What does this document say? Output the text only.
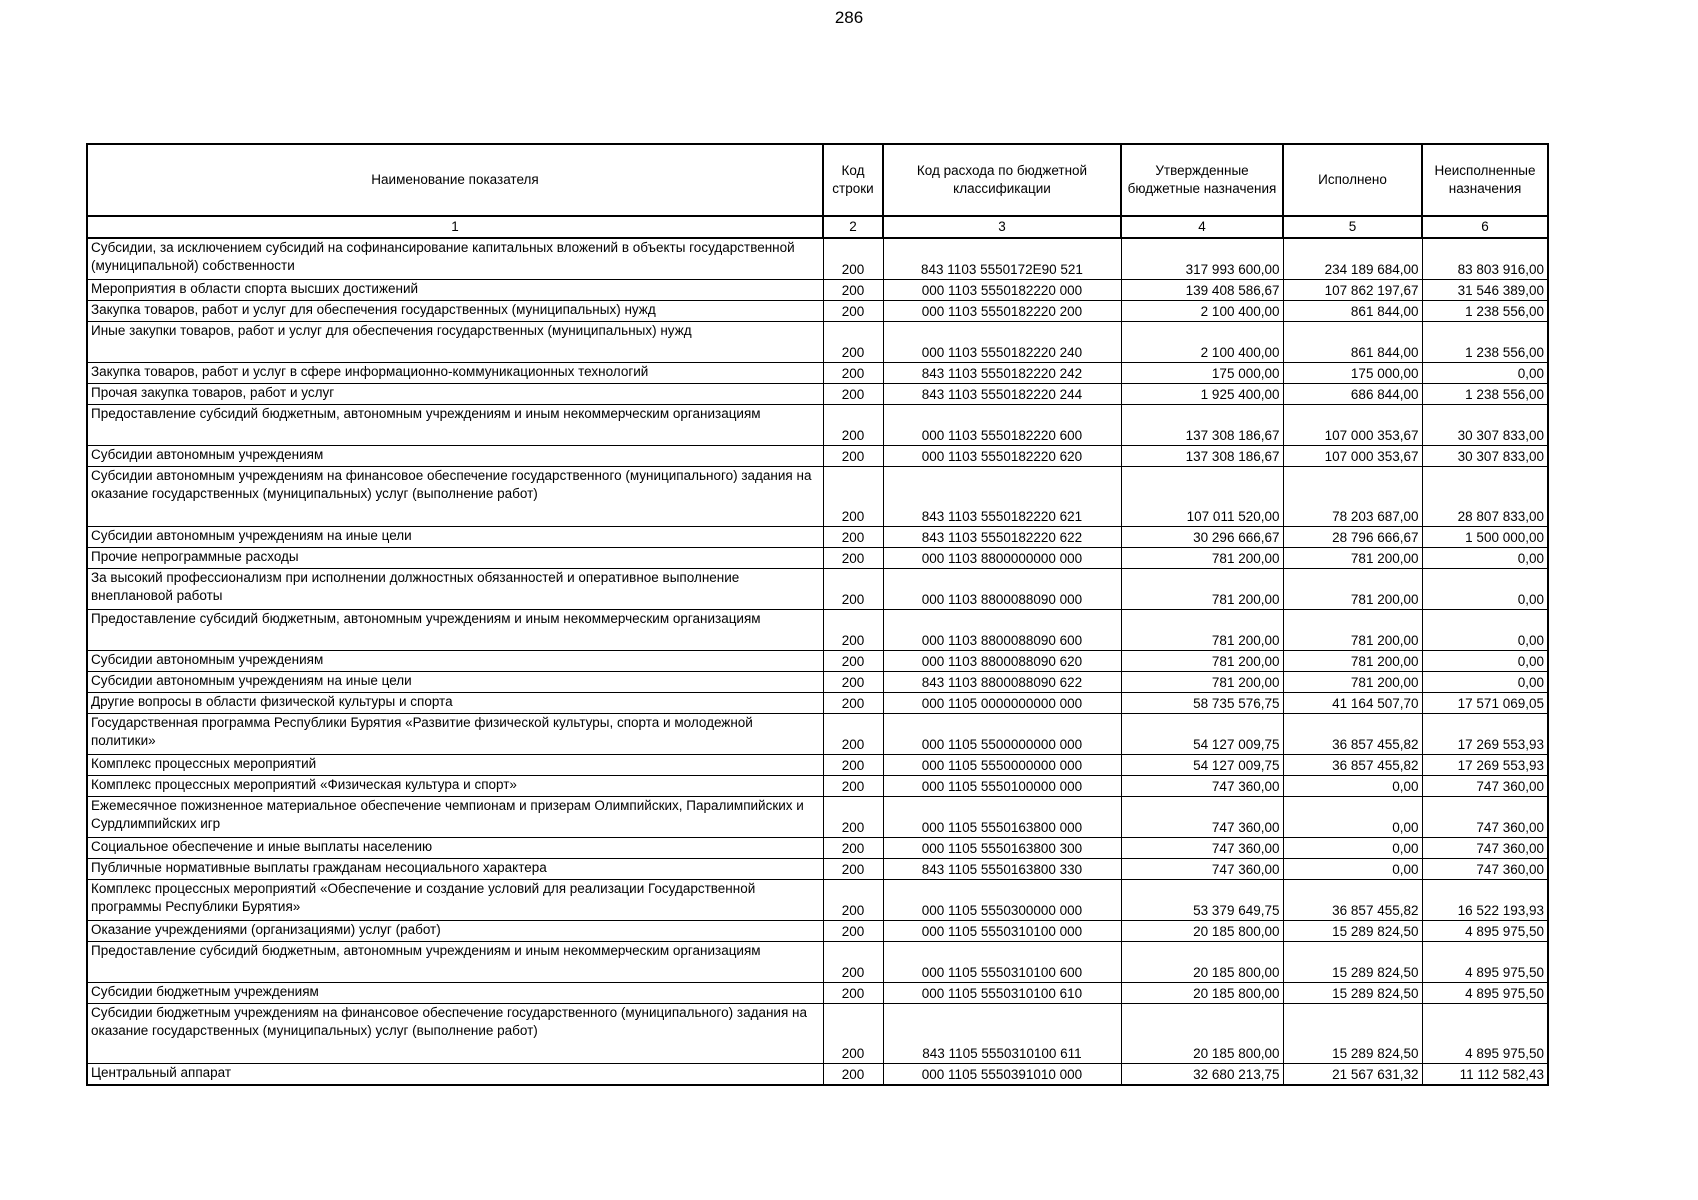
286
Наименование показателя	Код строки	Код расхода по бюджетной классификации	Утвержденные бюджетные назначения	Исполнено	Неисполненные назначения
1	2	3	4	5	6
Субсидии, за исключением субсидий на софинансирование капитальных вложений в объекты государственной (муниципальной) собственности	200	843 1103 5550172E90 521	317 993 600,00	234 189 684,00	83 803 916,00
Мероприятия в области спорта высших достижений	200	000 1103 5550182220 000	139 408 586,67	107 862 197,67	31 546 389,00
Закупка товаров, работ и услуг для обеспечения государственных (муниципальных) нужд	200	000 1103 5550182220 200	2 100 400,00	861 844,00	1 238 556,00
Иные закупки товаров, работ и услуг для обеспечения государственных (муниципальных) нужд	200	000 1103 5550182220 240	2 100 400,00	861 844,00	1 238 556,00
Закупка товаров, работ и услуг в сфере информационно-коммуникационных технологий	200	843 1103 5550182220 242	175 000,00	175 000,00	0,00
Прочая закупка товаров, работ и услуг	200	843 1103 5550182220 244	1 925 400,00	686 844,00	1 238 556,00
Предоставление субсидий бюджетным, автономным учреждениям и иным некоммерческим организациям	200	000 1103 5550182220 600	137 308 186,67	107 000 353,67	30 307 833,00
Субсидии автономным учреждениям	200	000 1103 5550182220 620	137 308 186,67	107 000 353,67	30 307 833,00
Субсидии автономным учреждениям на финансовое обеспечение государственного (муниципального) задания на оказание государственных (муниципальных) услуг (выполнение работ)	200	843 1103 5550182220 621	107 011 520,00	78 203 687,00	28 807 833,00
Субсидии автономным учреждениям на иные цели	200	843 1103 5550182220 622	30 296 666,67	28 796 666,67	1 500 000,00
Прочие непрограммные расходы	200	000 1103 8800000000 000	781 200,00	781 200,00	0,00
За высокий профессионализм при исполнении должностных обязанностей и оперативное выполнение внеплановой работы	200	000 1103 8800088090 000	781 200,00	781 200,00	0,00
Предоставление субсидий бюджетным, автономным учреждениям и иным некоммерческим организациям	200	000 1103 8800088090 600	781 200,00	781 200,00	0,00
Субсидии автономным учреждениям	200	000 1103 8800088090 620	781 200,00	781 200,00	0,00
Субсидии автономным учреждениям на иные цели	200	843 1103 8800088090 622	781 200,00	781 200,00	0,00
Другие вопросы в области физической культуры и спорта	200	000 1105 0000000000 000	58 735 576,75	41 164 507,70	17 571 069,05
Государственная программа Республики Бурятия «Развитие физической культуры, спорта и молодежной политики»	200	000 1105 5500000000 000	54 127 009,75	36 857 455,82	17 269 553,93
Комплекс процессных мероприятий	200	000 1105 5550000000 000	54 127 009,75	36 857 455,82	17 269 553,93
Комплекс процессных мероприятий «Физическая культура и спорт»	200	000 1105 5550100000 000	747 360,00	0,00	747 360,00
Ежемесячное пожизненное материальное обеспечение чемпионам и призерам Олимпийских, Паралимпийских и Сурдлимпийских игр	200	000 1105 5550163800 000	747 360,00	0,00	747 360,00
Социальное обеспечение и иные выплаты населению	200	000 1105 5550163800 300	747 360,00	0,00	747 360,00
Публичные нормативные выплаты гражданам несоциального характера	200	843 1105 5550163800 330	747 360,00	0,00	747 360,00
Комплекс процессных мероприятий «Обеспечение и создание условий для реализации Государственной программы Республики Бурятия»	200	000 1105 5550300000 000	53 379 649,75	36 857 455,82	16 522 193,93
Оказание учреждениями (организациями) услуг (работ)	200	000 1105 5550310100 000	20 185 800,00	15 289 824,50	4 895 975,50
Предоставление субсидий бюджетным, автономным учреждениям и иным некоммерческим организациям	200	000 1105 5550310100 600	20 185 800,00	15 289 824,50	4 895 975,50
Субсидии бюджетным учреждениям	200	000 1105 5550310100 610	20 185 800,00	15 289 824,50	4 895 975,50
Субсидии бюджетным учреждениям на финансовое обеспечение государственного (муниципального) задания на оказание государственных (муниципальных) услуг (выполнение работ)	200	843 1105 5550310100 611	20 185 800,00	15 289 824,50	4 895 975,50
Центральный аппарат	200	000 1105 5550391010 000	32 680 213,75	21 567 631,32	11 112 582,43
